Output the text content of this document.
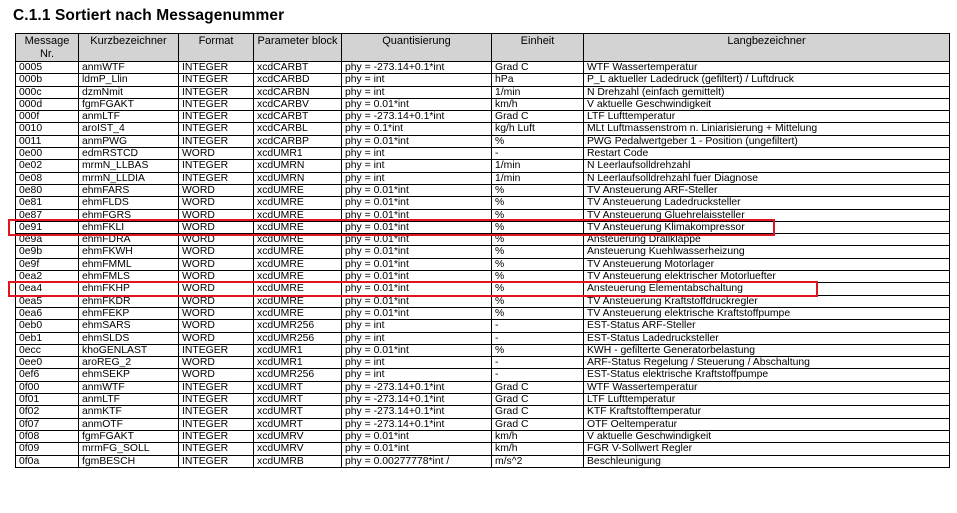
C.1.1 Sortiert nach Messagenummer
Message Nr.	Kurzbezeichner	Format	Parameter block	Quantisierung	Einheit	Langbezeichner
0005	anmWTF	INTEGER	xcdCARBT	phy = -273.14+0.1*int	Grad C	WTF Wassertemperatur
000b	ldmP_Llin	INTEGER	xcdCARBD	phy = int	hPa	P_L aktueller Ladedruck (gefiltert) / Luftdruck
000c	dzmNmit	INTEGER	xcdCARBN	phy = int	1/min	N Drehzahl (einfach gemittelt)
000d	fgmFGAKT	INTEGER	xcdCARBV	phy = 0.01*int	km/h	V aktuelle Geschwindigkeit
000f	anmLTF	INTEGER	xcdCARBT	phy = -273.14+0.1*int	Grad C	LTF Lufttemperatur
0010	aroIST_4	INTEGER	xcdCARBL	phy = 0.1*int	kg/h Luft	MLt Luftmassenstrom n. Liniarisierung + Mittelung
0011	anmPWG	INTEGER	xcdCARBP	phy = 0.01*int	%	PWG Pedalwertgeber 1 - Position (ungefiltert)
0e00	edmRSTCD	WORD	xcdUMR1	phy = int	-	Restart Code
0e02	mrmN_LLBAS	INTEGER	xcdUMRN	phy = int	1/min	N Leerlaufsolldrehzahl
0e08	mrmN_LLDIA	INTEGER	xcdUMRN	phy = int	1/min	N Leerlaufsolldrehzahl fuer Diagnose
0e80	ehmFARS	WORD	xcdUMRE	phy = 0.01*int	%	TV Ansteuerung ARF-Steller
0e81	ehmFLDS	WORD	xcdUMRE	phy = 0.01*int	%	TV Ansteuerung Ladedrucksteller
0e87	ehmFGRS	WORD	xcdUMRE	phy = 0.01*int	%	TV Ansteuerung Gluehrelaissteller
0e91	ehmFKLI	WORD	xcdUMRE	phy = 0.01*int	%	TV Ansteuerung Klimakompressor
0e9a	ehmFDRA	WORD	xcdUMRE	phy = 0.01*int	%	Ansteuerung Drallklappe
0e9b	ehmFKWH	WORD	xcdUMRE	phy = 0.01*int	%	Ansteuerung Kuehlwasserheizung
0e9f	ehmFMML	WORD	xcdUMRE	phy = 0.01*int	%	TV Ansteuerung Motorlager
0ea2	ehmFMLS	WORD	xcdUMRE	phy = 0.01*int	%	TV Ansteuerung elektrischer Motorluefter
0ea4	ehmFKHP	WORD	xcdUMRE	phy = 0.01*int	%	Ansteuerung Elementabschaltung
0ea5	ehmFKDR	WORD	xcdUMRE	phy = 0.01*int	%	TV Ansteuerung Kraftstoffdruckregler
0ea6	ehmFEKP	WORD	xcdUMRE	phy = 0.01*int	%	TV Ansteuerung elektrische Kraftstoffpumpe
0eb0	ehmSARS	WORD	xcdUMR256	phy = int	-	EST-Status ARF-Steller
0eb1	ehmSLDS	WORD	xcdUMR256	phy = int	-	EST-Status Ladedrucksteller
0ecc	khoGENLAST	INTEGER	xcdUMR1	phy = 0.01*int	%	KWH - gefilterte Generatorbelastung
0ee0	aroREG_2	WORD	xcdUMR1	phy = int	-	ARF-Status Regelung / Steuerung / Abschaltung
0ef6	ehmSEKP	WORD	xcdUMR256	phy = int	-	EST-Status elektrische Kraftstoffpumpe
0f00	anmWTF	INTEGER	xcdUMRT	phy = -273.14+0.1*int	Grad C	WTF Wassertemperatur
0f01	anmLTF	INTEGER	xcdUMRT	phy = -273.14+0.1*int	Grad C	LTF Lufttemperatur
0f02	anmKTF	INTEGER	xcdUMRT	phy = -273.14+0.1*int	Grad C	KTF Kraftstofftemperatur
0f07	anmOTF	INTEGER	xcdUMRT	phy = -273.14+0.1*int	Grad C	OTF Oeltemperatur
0f08	fgmFGAKT	INTEGER	xcdUMRV	phy = 0.01*int	km/h	V aktuelle Geschwindigkeit
0f09	mrmFG_SOLL	INTEGER	xcdUMRV	phy = 0.01*int	km/h	FGR V-Sollwert Regler
0f0a	fgmBESCH	INTEGER	xcdUMRB	phy = 0.00277778*int /	m/s^2	Beschleunigung
